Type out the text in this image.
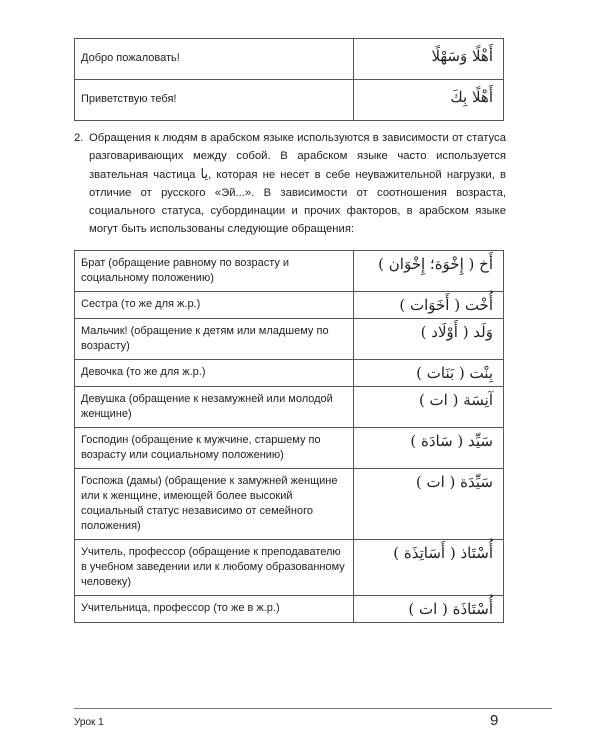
Добро пожаловать!	أَهْلًا وَسَهْلًا
Приветствую тебя!	أَهْلًا بِكَ
2. Обращения к людям в арабском языке используются в зависимости от статуса разговаривающих между собой. В арабском языке часто используется звательная частица يا, которая не несет в себе неуважительной нагрузки, в отличие от русского «Эй...». В зависимости от соотношения возраста, социального статуса, субординации и прочих факторов, в арабском языке могут быть использованы следующие обращения:
Брат (обращение равному по возрасту и социальному положению)	أَخ ( إِخْوَة؛ إِخْوَان )
Сестра (то же для ж.р.)	أُخْت ( أَخَوَات )
Мальчик! (обращение к детям или младшему по возрасту)	وَلَد ( أَوْلَاد )
Девочка (то же для ж.р.)	بِنْت ( بَنَات )
Девушка (обращение к незамужней или молодой женщине)	آنِسَة ( ات )
Господин (обращение к мужчине, старшему по возрасту или социальному положению)	سَيِّد ( سَادَة )
Госпожа (дамы) (обращение к замужней женщине или к женщине, имеющей более высокий социальный статус независимо от семейного положения)	سَيِّدَة ( ات )
Учитель, профессор (обращение к преподавателю в учебном заведении или к любому образованному человеку)	أُسْتَاذ ( أَسَاتِذَة )
Учительница, профессор (то же в ж.р.)	أُسْتَاذَة ( ات )
Урок 1	9
